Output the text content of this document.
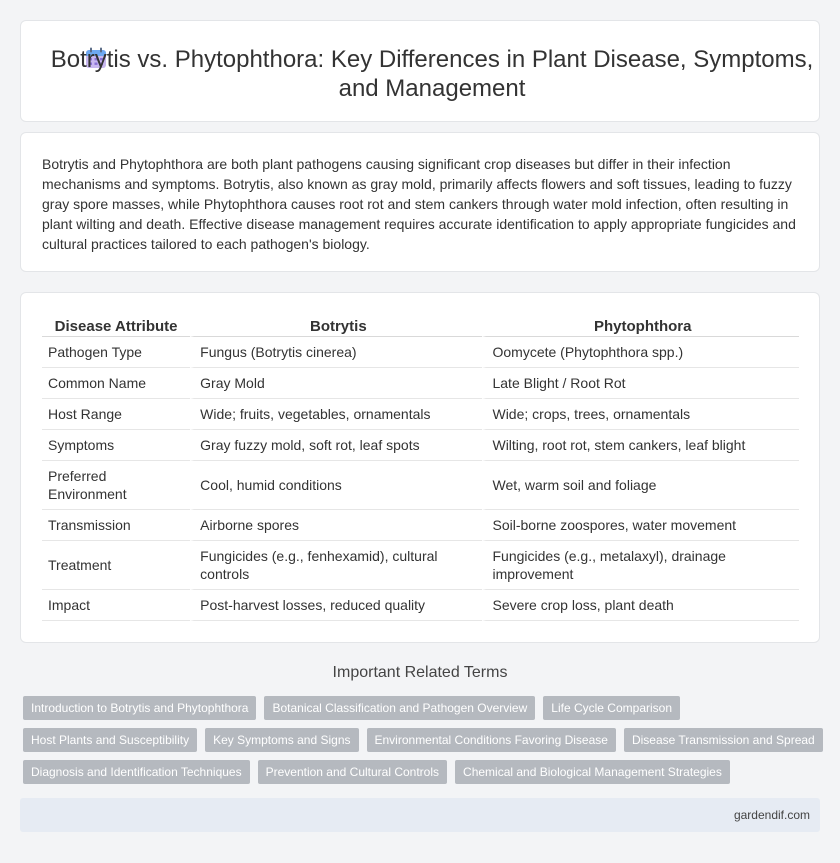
Botrytis vs. Phytophthora: Key Differences in Plant Disease, Symptoms, and Management

Botrytis and Phytophthora are both plant pathogens causing significant crop diseases but differ in their infection mechanisms and symptoms. Botrytis, also known as gray mold, primarily affects flowers and soft tissues, leading to fuzzy gray spore masses, while Phytophthora causes root rot and stem cankers through water mold infection, often resulting in plant wilting and death. Effective disease management requires accurate identification to apply appropriate fungicides and cultural practices tailored to each pathogen's biology.

Disease Attribute	Botrytis	Phytophthora
Pathogen Type	Fungus (Botrytis cinerea)	Oomycete (Phytophthora spp.)
Common Name	Gray Mold	Late Blight / Root Rot
Host Range	Wide; fruits, vegetables, ornamentals	Wide; crops, trees, ornamentals
Symptoms	Gray fuzzy mold, soft rot, leaf spots	Wilting, root rot, stem cankers, leaf blight
Preferred Environment	Cool, humid conditions	Wet, warm soil and foliage
Transmission	Airborne spores	Soil-borne zoospores, water movement
Treatment	Fungicides (e.g., fenhexamid), cultural controls	Fungicides (e.g., metalaxyl), drainage improvement
Impact	Post-harvest losses, reduced quality	Severe crop loss, plant death
Important Related Terms
Introduction to Botrytis and Phytophthora	Botanical Classification and Pathogen Overview	Life Cycle Comparison
Host Plants and Susceptibility	Key Symptoms and Signs	Environmental Conditions Favoring Disease	Disease Transmission and Spread
Diagnosis and Identification Techniques	Prevention and Cultural Controls	Chemical and Biological Management Strategies
gardendif.com
